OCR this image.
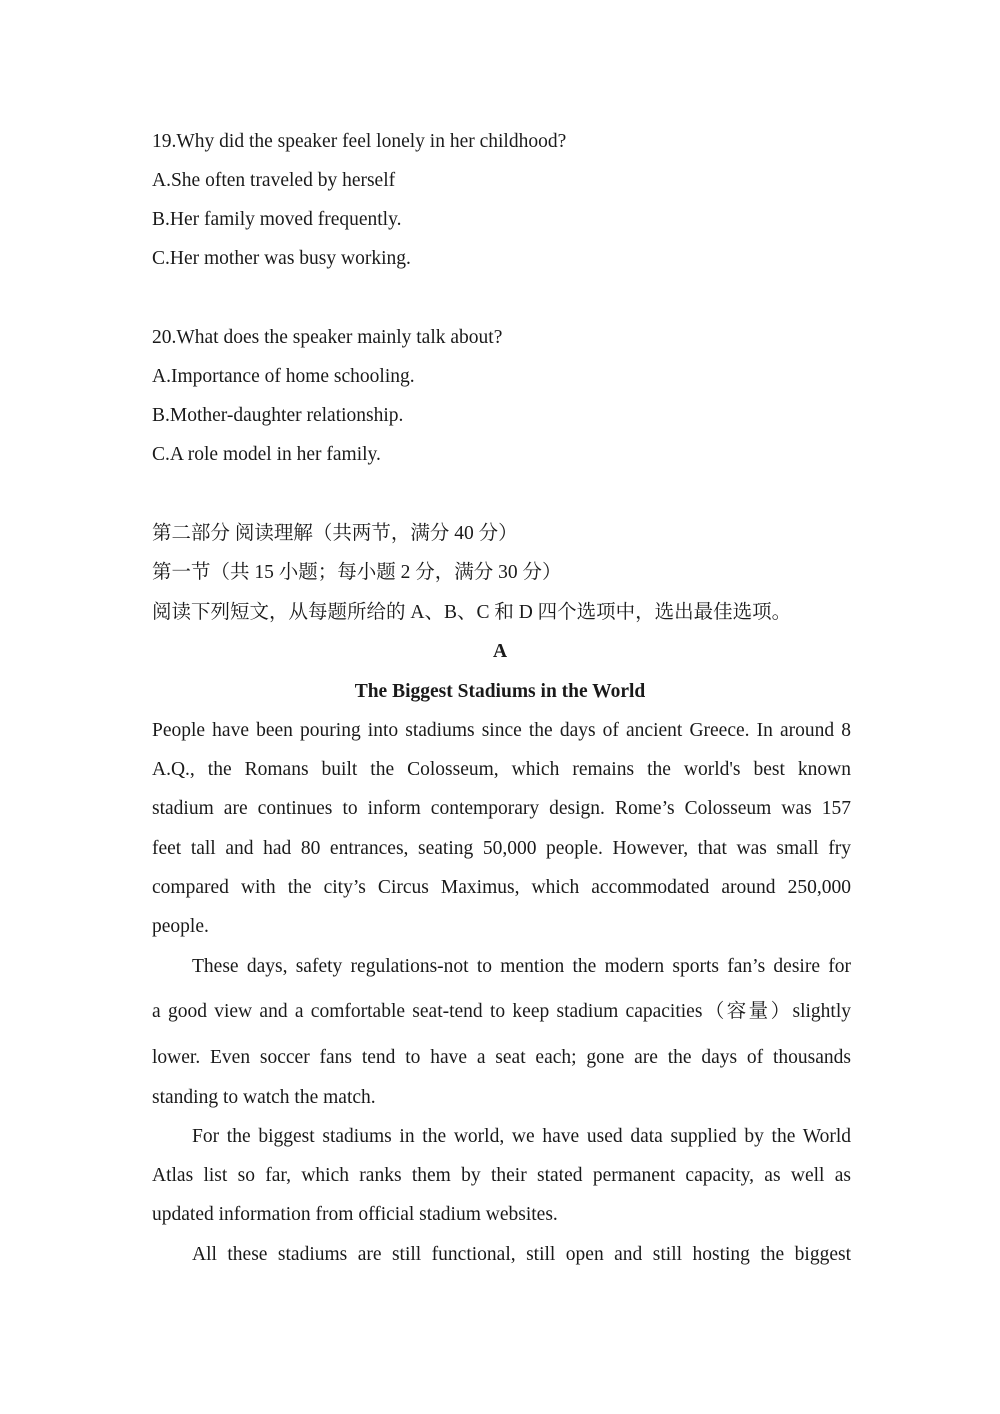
19.Why did the speaker feel lonely in her childhood?
A.She often traveled by herself
B.Her family moved frequently.
C.Her mother was busy working.
20.What does the speaker mainly talk about?
A.Importance of home schooling.
B.Mother-daughter relationship.
C.A role model in her family.
第二部分 阅读理解（共两节，满分 40 分）
第一节（共 15 小题；每小题 2 分，满分 30 分）
阅读下列短文，从每题所给的 A、B、C 和 D 四个选项中，选出最佳选项。
A
The Biggest Stadiums in the World
People have been pouring into stadiums since the days of ancient Greece. In around 8
A.Q., the Romans built the Colosseum, which remains the world's best known
stadium are continues to inform contemporary design. Rome’s Colosseum was 157
feet tall and had 80 entrances, seating 50,000 people. However, that was small fry
compared with the city’s Circus Maximus, which accommodated around 250,000
people.
These days, safety regulations-not to mention the modern sports fan’s desire for
a good view and a comfortable seat-tend to keep stadium capacities（容量）slightly
lower. Even soccer fans tend to have a seat each; gone are the days of thousands
standing to watch the match.
For the biggest stadiums in the world, we have used data supplied by the World
Atlas list so far, which ranks them by their stated permanent capacity, as well as
updated information from official stadium websites.
All these stadiums are still functional, still open and still hosting the biggest
